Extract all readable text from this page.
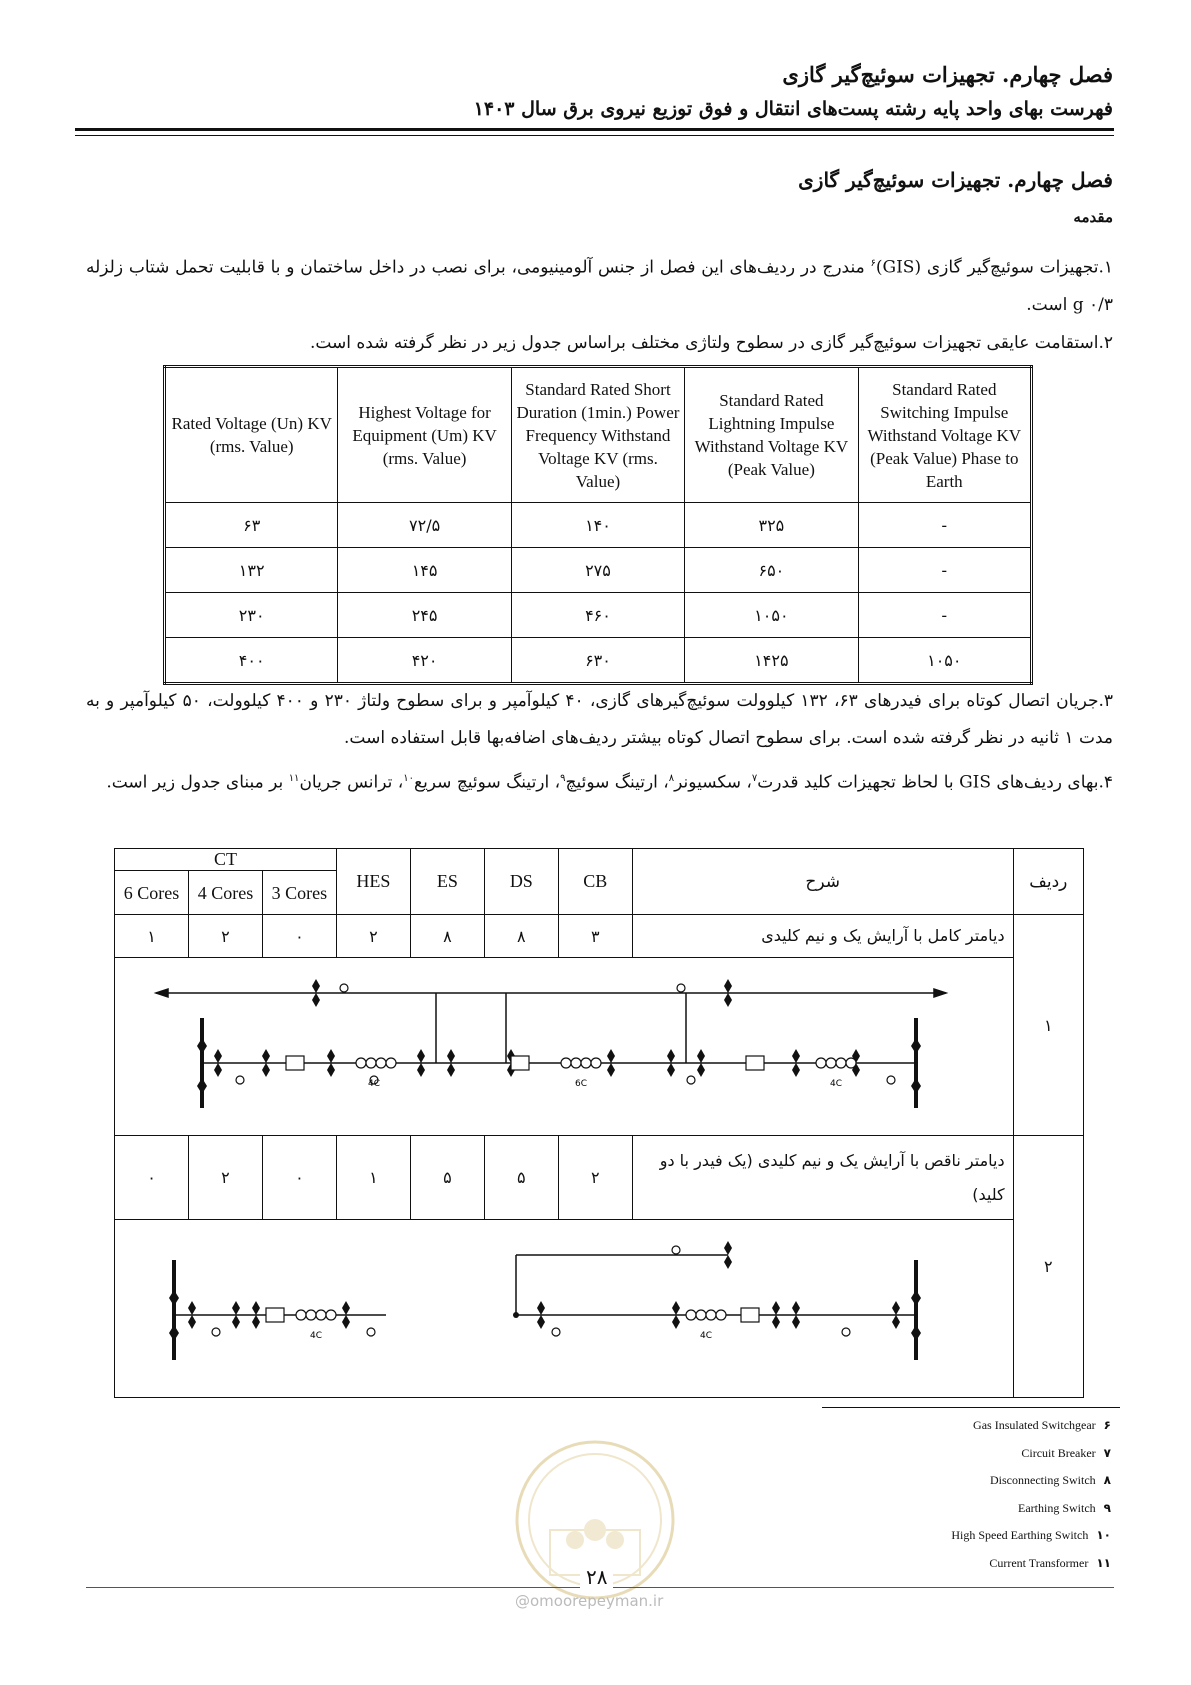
فصل چهارم. تجهیزات سوئیچ‌گیر گازی
فهرست بهای واحد پایه رشته پست‌های انتقال و فوق توزیع نیروی برق سال ۱۴۰۳
فصل چهارم. تجهیزات سوئیچ‌گیر گازی
مقدمه
۱.تجهیزات سوئیچ‌گیر گازی (GIS)$^۶$ مندرج در ردیف‌های این فصل از جنس آلومینیومی، برای نصب در داخل ساختمان و با قابلیت تحمل شتاب زلزله g ۰/۳ است.
۲.استقامت عایقی تجهیزات سوئیچ‌گیر گازی در سطوح ولتاژی مختلف براساس جدول زیر در نظر گرفته شده است.
Rated Voltage (Un) KV (rms. Value)	Highest Voltage for Equipment (Um) KV (rms. Value)	Standard Rated Short Duration (1min.) Power Frequency Withstand Voltage KV (rms. Value)	Standard Rated Lightning Impulse Withstand Voltage KV (Peak Value)	Standard Rated Switching Impulse Withstand Voltage KV (Peak Value) Phase to Earth
۶۳	۷۲/۵	۱۴۰	۳۲۵	-
۱۳۲	۱۴۵	۲۷۵	۶۵۰	-
۲۳۰	۲۴۵	۴۶۰	۱۰۵۰	-
۴۰۰	۴۲۰	۶۳۰	۱۴۲۵	۱۰۵۰
۳.جریان اتصال کوتاه برای فیدرهای ۶۳، ۱۳۲ کیلوولت سوئیچ‌گیرهای گازی، ۴۰ کیلوآمپر و برای سطوح ولتاژ ۲۳۰ و ۴۰۰ کیلوولت، ۵۰ کیلوآمپر و به مدت ۱ ثانیه در نظر گرفته شده است. برای سطوح اتصال کوتاه بیشتر ردیف‌های اضافه‌بها قابل استفاده است.
۴.بهای ردیف‌های GIS با لحاظ تجهیزات کلید قدرت$^۷$، سکسیونر$^۸$، ارتینگ سوئیچ$^۹$، ارتینگ سوئیچ سریع$^{۱۰}$، ترانس جریان$^{۱۱}$ بر مبنای جدول زیر است.
CT			HES	ES	DS	CB	شرح	ردیف
6 Cores	4 Cores	3 Cores						
۱	۲	۰	۲	۸	۸	۳	دیامتر کامل با آرایش یک و نیم کلیدی	۱

4C 6C 4C								

۰	۲	۰	۱	۵	۵	۲	دیامتر ناقص با آرایش یک و نیم کلیدی (یک فیدر با دو کلید)	۲

4C 4C								
Gas Insulated Switchgear ۶
Circuit Breaker ۷
Disconnecting Switch ۸
Earthing Switch ۹
High Speed Earthing Switch ۱۰
Current Transformer ۱۱
۲۸
@omoorepeyman.ir
